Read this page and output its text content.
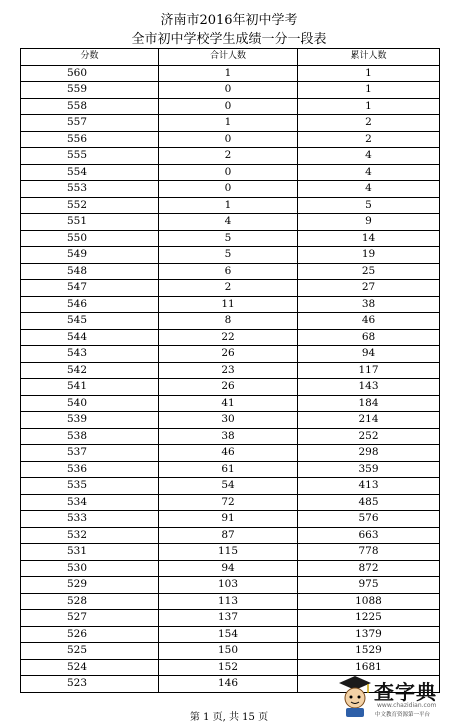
济南市2016年初中学考
全市初中学校学生成绩一分一段表
分数	合计人数	累计人数
560	1	1
559	0	1
558	0	1
557	1	2
556	0	2
555	2	4
554	0	4
553	0	4
552	1	5
551	4	9
550	5	14
549	5	19
548	6	25
547	2	27
546	11	38
545	8	46
544	22	68
543	26	94
542	23	117
541	26	143
540	41	184
539	30	214
538	38	252
537	46	298
536	61	359
535	54	413
534	72	485
533	91	576
532	87	663
531	115	778
530	94	872
529	103	975
528	113	1088
527	137	1225
526	154	1379
525	150	1529
524	152	1681
523	146	
第 1 页, 共 15 页
查字典
www.chazidian.com
中文教育资源第一平台
